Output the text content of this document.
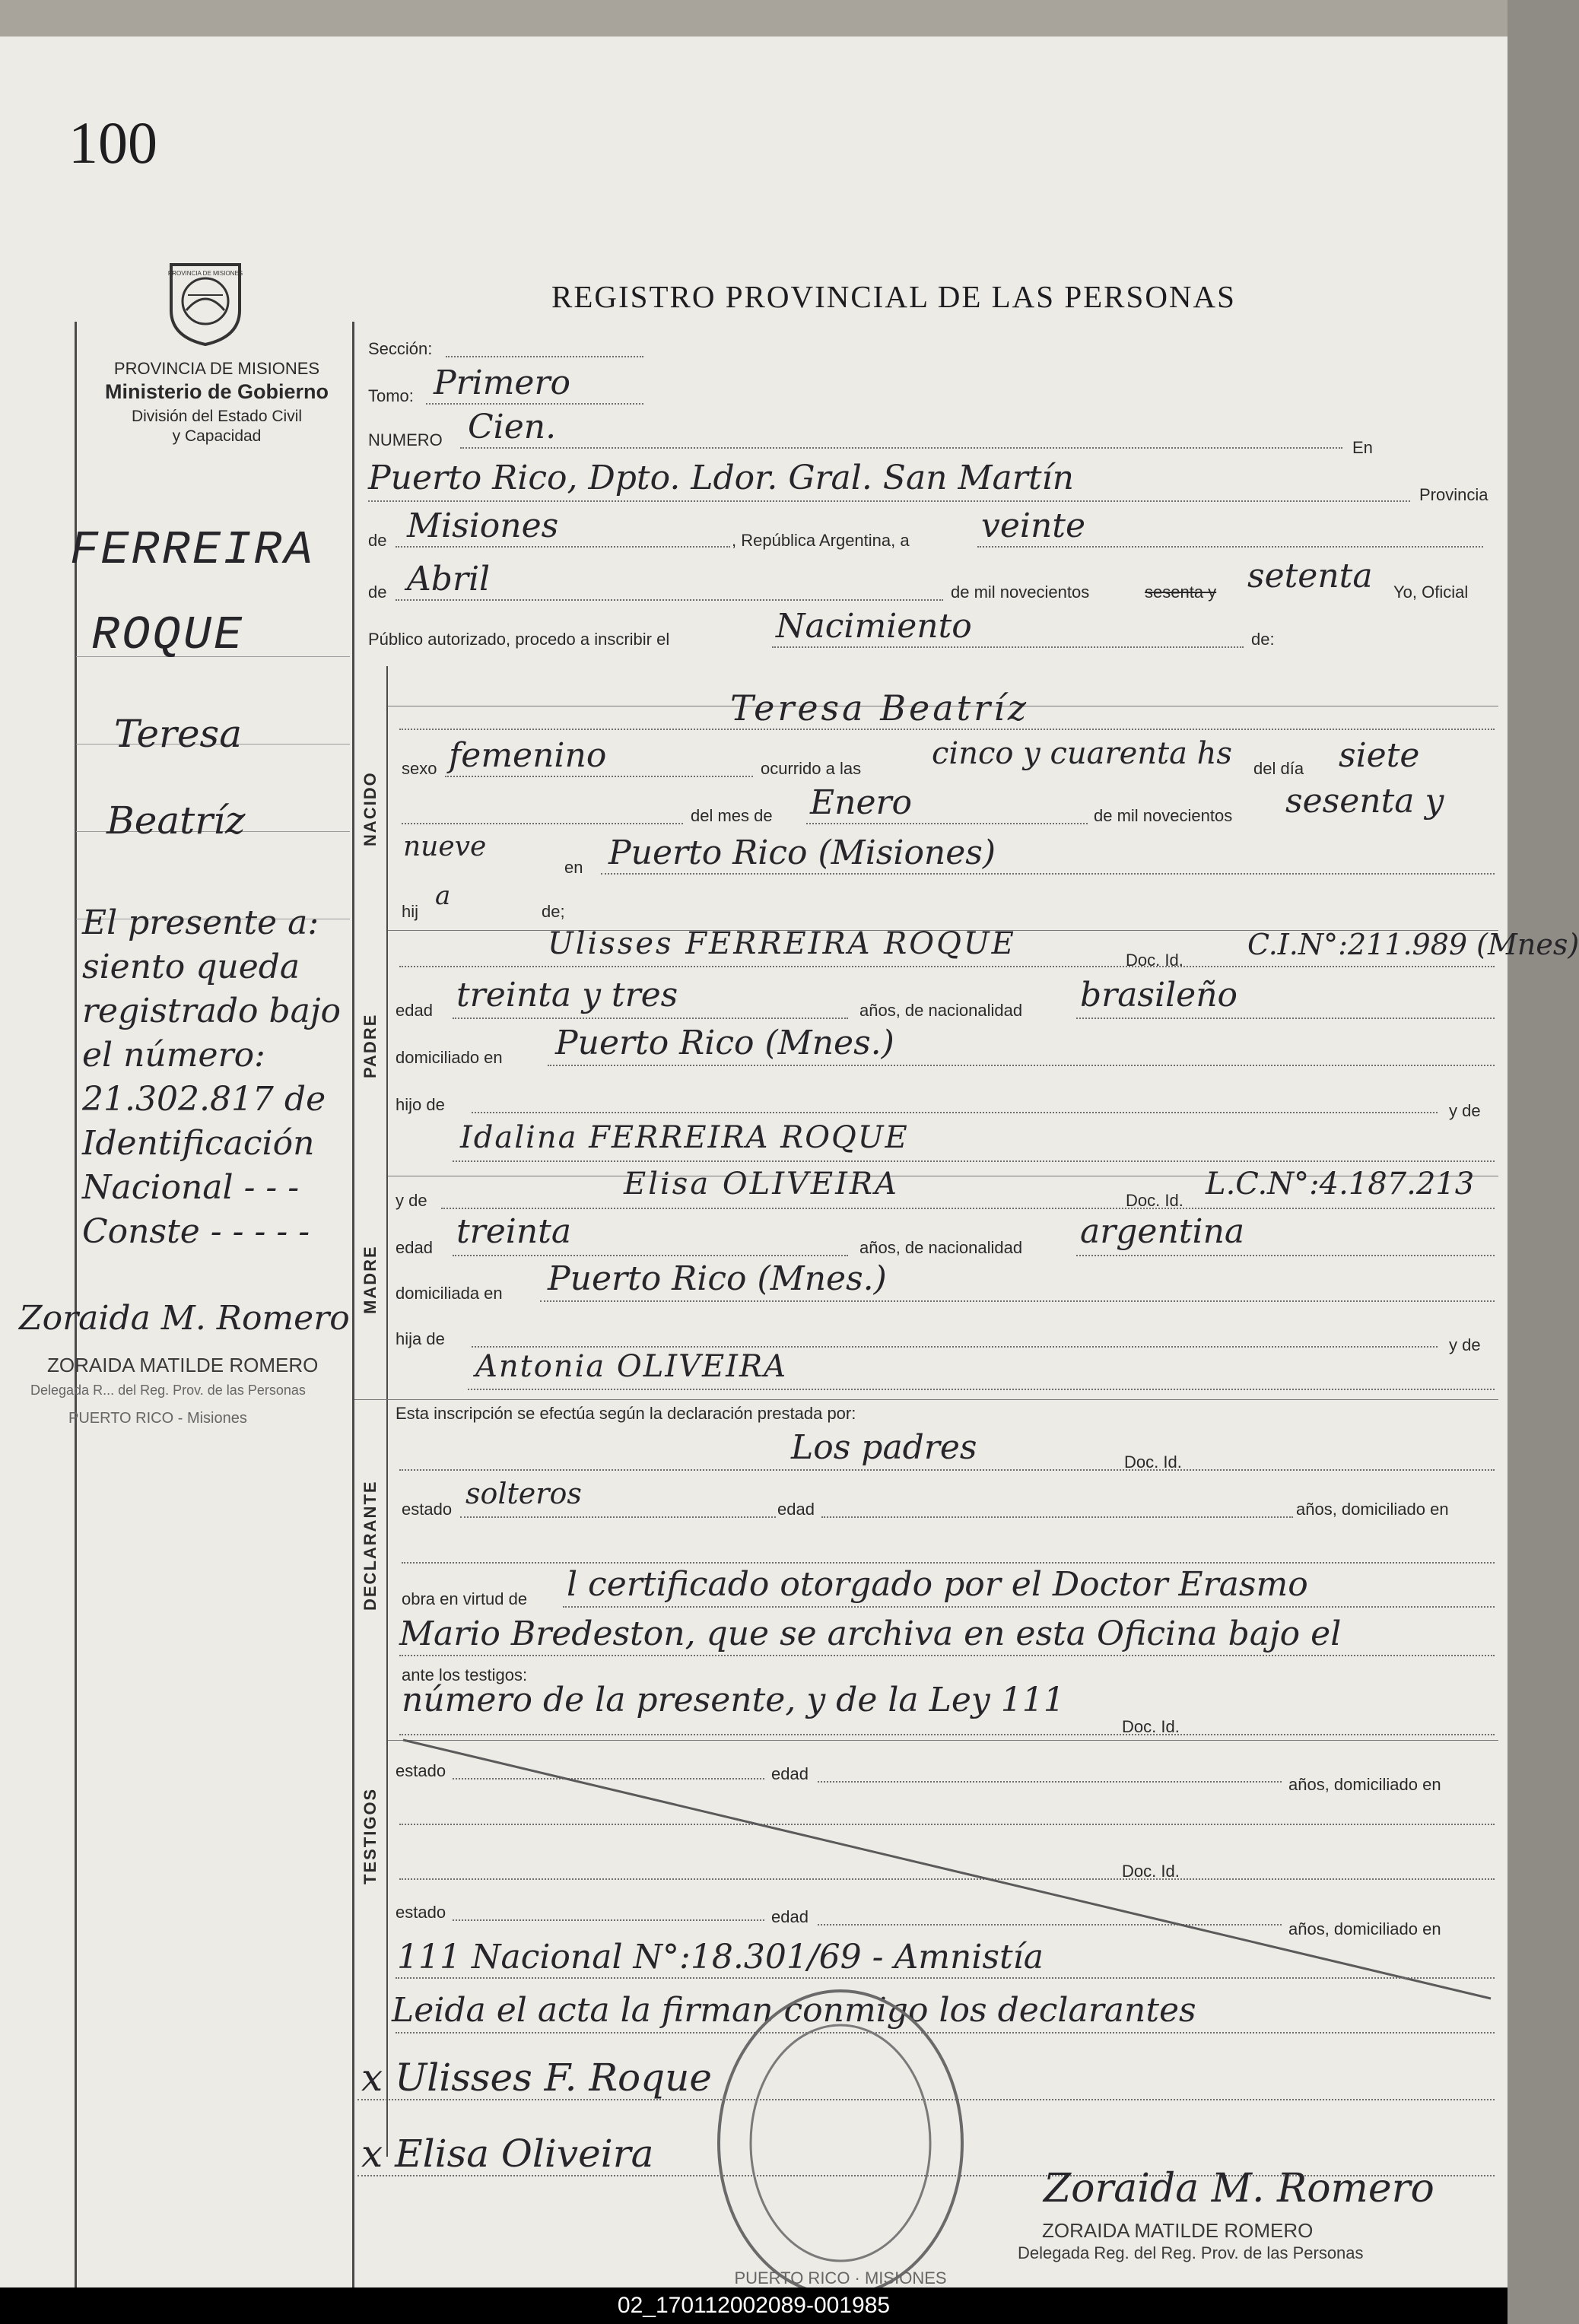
100
REGISTRO PROVINCIAL DE LAS PERSONAS
PROVINCIA DE MISIONES
PROVINCIA DE MISIONES
Ministerio de Gobierno
División del Estado Civil
y Capacidad
FERREIRA
ROQUE
Teresa
Beatríz
El presente a:
siento queda
registrado bajo
el número:
21.302.817 de
Identificación
Nacional - - -
Conste - - - - -
Zoraida M. Romero
ZORAIDA MATILDE ROMERO
Delegada R... del Reg. Prov. de las Personas
PUERTO RICO - Misiones
Sección:
Tomo: Primero
NUMERO Cien.
En
Puerto Rico, Dpto. Ldor. Gral. San Martín	Provincia
de Misiones	, República Argentina, a veinte
de Abril	de mil novecientos	sesenta y setenta Yo, Oficial
Público autorizado, procedo a inscribir el	Nacimiento	de:
NACIDO
Teresa Beatríz
sexo femenino	ocurrido a las cinco y cuarenta hs del día siete
del mes de Enero	de mil novecientos sesenta y
nueve
en Puerto Rico (Misiones)
hij
a
de;
PADRE
Ulisses FERREIRA ROQUE	Doc. Id. C.I.N°:211.989 (Mnes)
edad treinta y tres	años, de nacionalidad brasileño
domiciliado en Puerto Rico (Mnes.)
hijo de	y de
Idalina FERREIRA ROQUE
MADRE
y de	Elisa OLIVEIRA	Doc. Id. L.C.N°:4.187.213
edad treinta	años, de nacionalidad argentina
domiciliada en Puerto Rico (Mnes.)
hija de	y de
Antonia OLIVEIRA
Esta inscripción se efectúa según la declaración prestada por:
DECLARANTE
Los padres	Doc. Id.
estado solteros	edad	años, domiciliado en
obra en virtud de l certificado otorgado por el Doctor Erasmo
Mario Bredeston, que se archiva en esta Oficina bajo el
ante los testigos:
número de la presente, y de la Ley 111
Doc. Id.
TESTIGOS
estado	edad
años, domiciliado en
Doc. Id.
estado	edad
años, domiciliado en
111 Nacional N°:18.301/69 - Amnistía
Leida el acta la firman conmigo los declarantes
x Ulisses F. Roque
x Elisa Oliveira
PUERTO RICO · MISIONES
Zoraida M. Romero
ZORAIDA MATILDE ROMERO
Delegada Reg. del Reg. Prov. de las Personas
02_170112002089-001985
